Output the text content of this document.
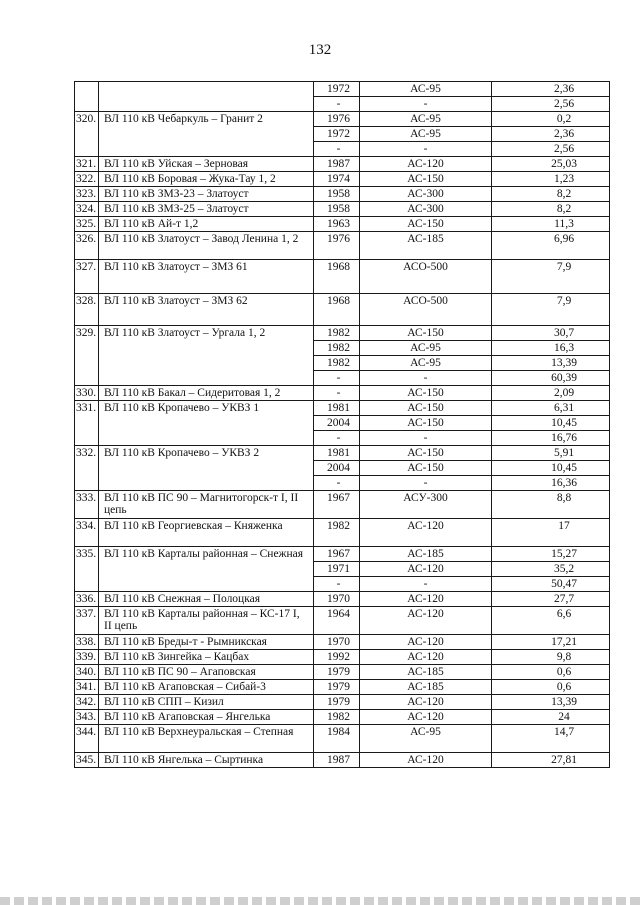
132
		1972	АС-95	2,36
		-	-	2,56
320.	ВЛ 110 кВ Чебаркуль – Гранит 2	1976	АС-95	0,2
		1972	АС-95	2,36
		-	-	2,56
321.	ВЛ 110 кВ Уйская – Зерновая	1987	АС-120	25,03
322.	ВЛ 110 кВ Боровая – Жука-Тау 1, 2	1974	АС-150	1,23
323.	ВЛ 110 кВ ЗМЗ-23 – Златоуст	1958	АС-300	8,2
324.	ВЛ 110 кВ ЗМЗ-25 – Златоуст	1958	АС-300	8,2
325.	ВЛ 110 кВ Ай-т 1,2	1963	АС-150	11,3
326.	ВЛ 110 кВ Златоуст – Завод Ленина 1, 2	1976	АС-185	6,96
327.	ВЛ 110 кВ Златоуст – ЗМЗ 61	1968	АСО-500	7,9
328.	ВЛ 110 кВ Златоуст – ЗМЗ 62	1968	АСО-500	7,9
329.	ВЛ 110 кВ Златоуст – Ургала 1, 2	1982	АС-150	30,7
		1982	АС-95	16,3
		1982	АС-95	13,39
		-	-	60,39
330.	ВЛ 110 кВ Бакал – Сидеритовая 1, 2	-	АС-150	2,09
331.	ВЛ 110 кВ Кропачево – УКВЗ 1	1981	АС-150	6,31
		2004	АС-150	10,45
		-	-	16,76
332.	ВЛ 110 кВ Кропачево – УКВЗ 2	1981	АС-150	5,91
		2004	АС-150	10,45
		-	-	16,36
333.	ВЛ 110 кВ ПС 90 – Магнитогорск-т I, II цепь	1967	АСУ-300	8,8
334.	ВЛ 110 кВ Георгиевская – Княженка	1982	АС-120	17
335.	ВЛ 110 кВ Карталы районная – Снежная	1967	АС-185	15,27
		1971	АС-120	35,2
		-	-	50,47
336.	ВЛ 110 кВ Снежная – Полоцкая	1970	АС-120	27,7
337.	ВЛ 110 кВ Карталы районная – КС-17 I, II цепь	1964	АС-120	6,6
338.	ВЛ 110 кВ Бреды-т - Рымникская	1970	АС-120	17,21
339.	ВЛ 110 кВ Зингейка – Кацбах	1992	АС-120	9,8
340.	ВЛ 110 кВ ПС 90 – Агаповская	1979	АС-185	0,6
341.	ВЛ 110 кВ Агаповская – Сибай-3	1979	АС-185	0,6
342.	ВЛ 110 кВ СПП – Кизил	1979	АС-120	13,39
343.	ВЛ 110 кВ Агаповская – Янгелька	1982	АС-120	24
344.	ВЛ 110 кВ Верхнеуральская – Степная	1984	АС-95	14,7
345.	ВЛ 110 кВ Янгелька – Сыртинка	1987	АС-120	27,81
